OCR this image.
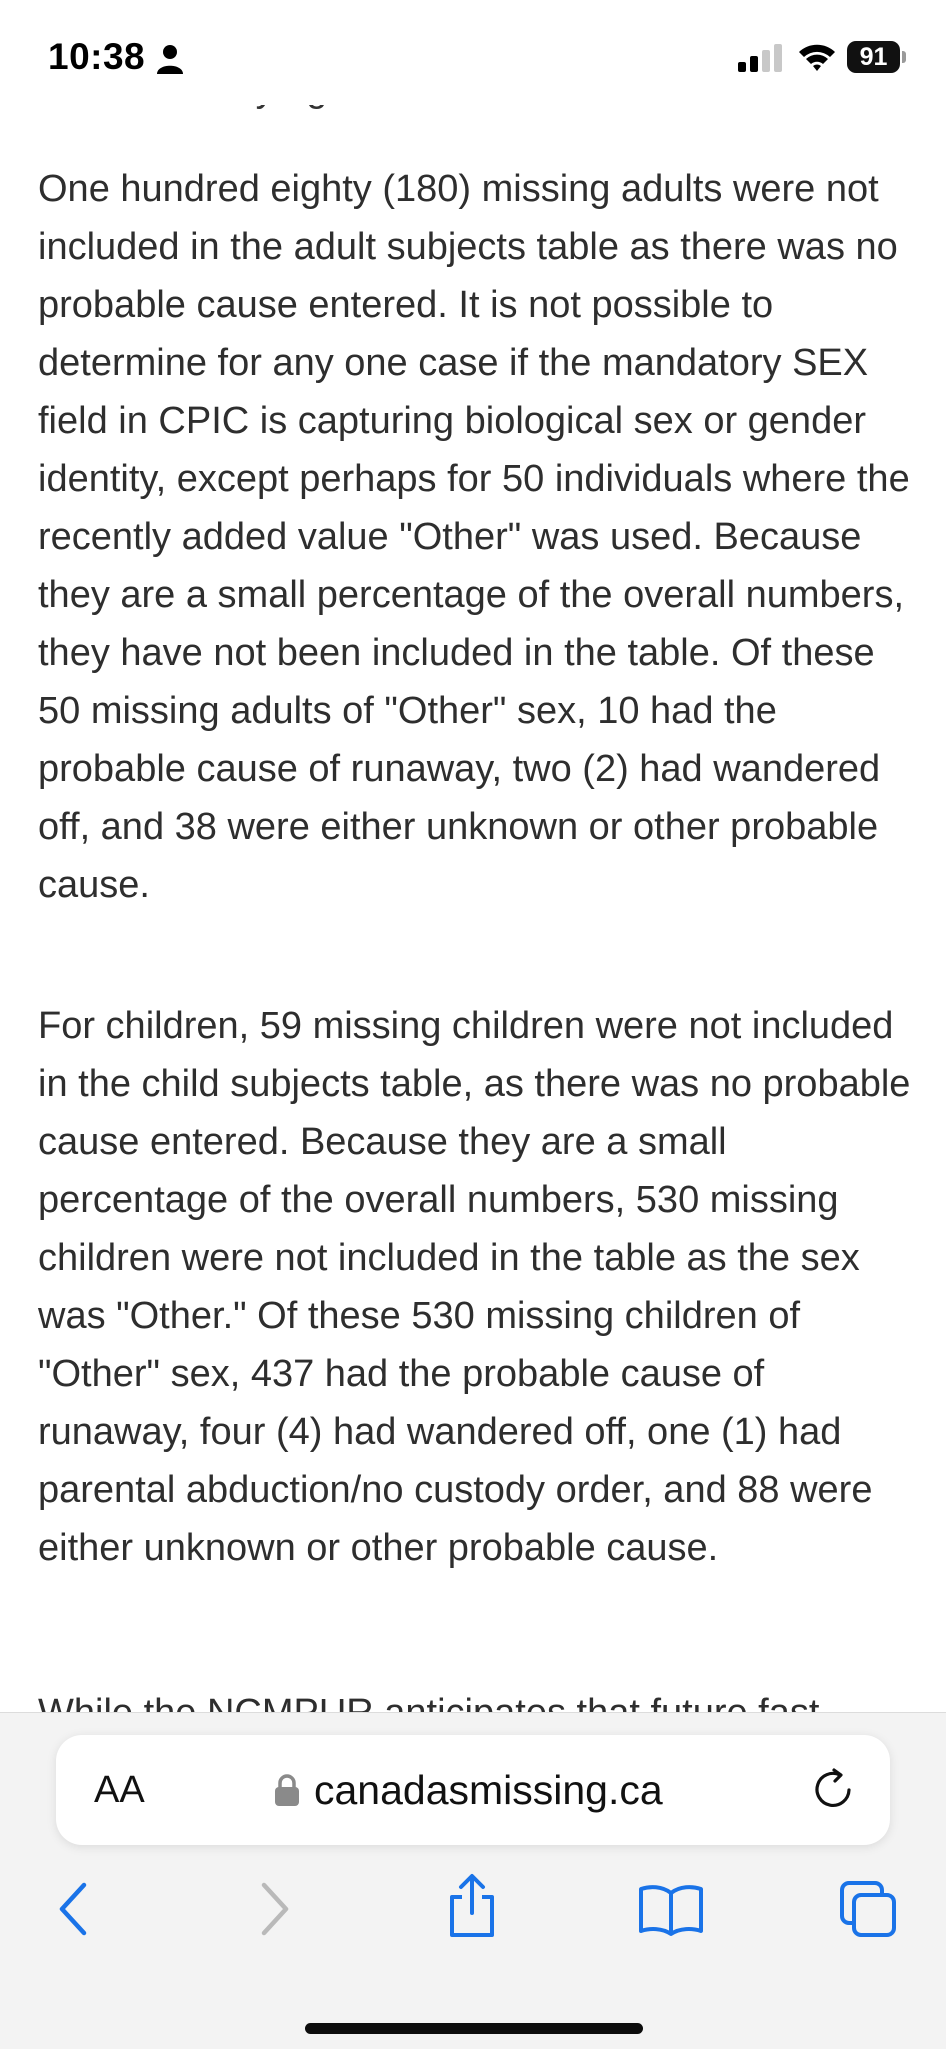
10:38	91

One hundred eighty (180) missing adults were not included in the adult subjects table as there was no probable cause entered. It is not possible to determine for any one case if the mandatory SEX field in CPIC is capturing biological sex or gender identity, except perhaps for 50 individuals where the recently added value "Other" was used. Because they are a small percentage of the overall numbers, they have not been included in the table. Of these 50 missing adults of "Other" sex, 10 had the probable cause of runaway, two (2) had wandered off, and 38 were either unknown or other probable cause.

For children, 59 missing children were not included in the child subjects table, as there was no probable cause entered. Because they are a small percentage of the overall numbers, 530 missing children were not included in the table as the sex was "Other." Of these 530 missing children of "Other" sex, 437 had the probable cause of runaway, four (4) had wandered off, one (1) had parental abduction/no custody order, and 88 were either unknown or other probable cause.

AA	canadasmissing.ca
